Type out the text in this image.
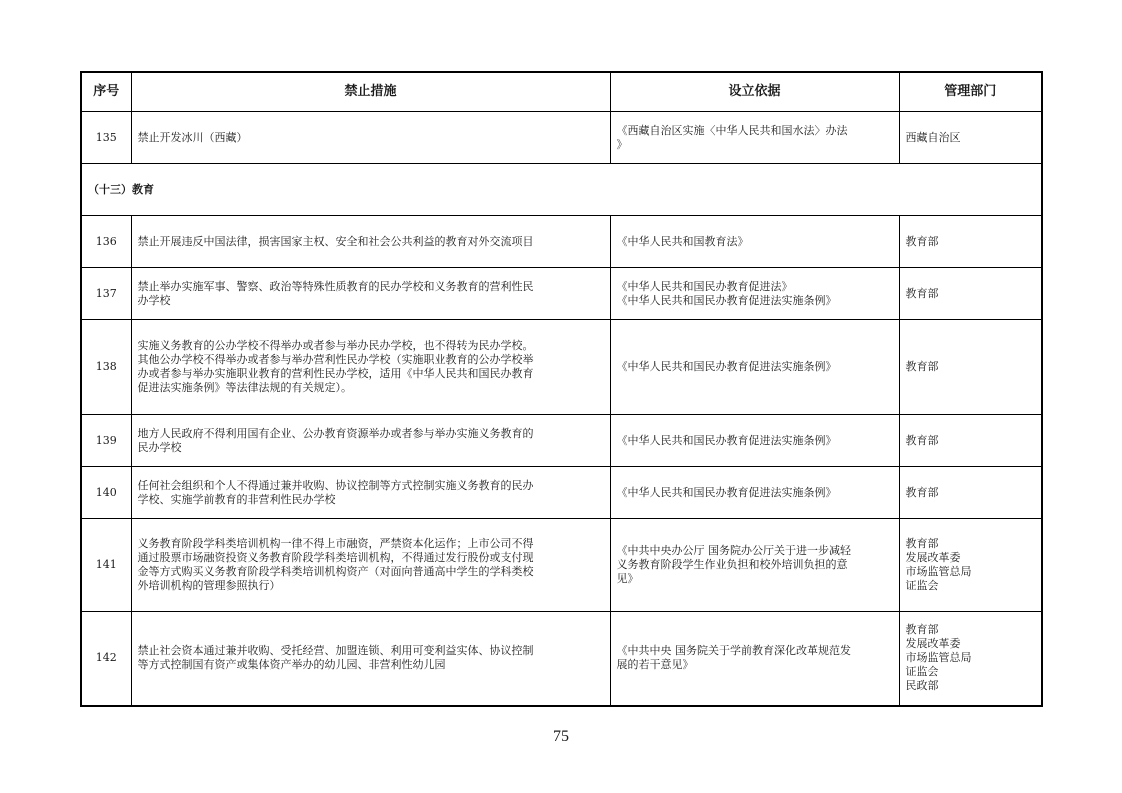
序号	禁止措施	设立依据	管理部门
135	禁止开发冰川（西藏）	《西藏自治区实施〈中华人民共和国水法〉办法
》	西藏自治区

（十三）教育			
136	禁止开展违反中国法律，损害国家主权、安全和社会公共利益的教育对外交流项目	《中华人民共和国教育法》	教育部

137	禁止举办实施军事、警察、政治等特殊性质教育的民办学校和义务教育的营利性民
办学校	《中华人民共和国民办教育促进法》
《中华人民共和国民办教育促进法实施条例》	教育部

138	实施义务教育的公办学校不得举办或者参与举办民办学校，也不得转为民办学校。
其他公办学校不得举办或者参与举办营利性民办学校（实施职业教育的公办学校举
办或者参与举办实施职业教育的营利性民办学校，适用《中华人民共和国民办教育
促进法实施条例》等法律法规的有关规定）。	《中华人民共和国民办教育促进法实施条例》	教育部

139	地方人民政府不得利用国有企业、公办教育资源举办或者参与举办实施义务教育的
民办学校	《中华人民共和国民办教育促进法实施条例》	教育部

140	任何社会组织和个人不得通过兼并收购、协议控制等方式控制实施义务教育的民办
学校、实施学前教育的非营利性民办学校	《中华人民共和国民办教育促进法实施条例》	教育部

141	义务教育阶段学科类培训机构一律不得上市融资，严禁资本化运作；上市公司不得
通过股票市场融资投资义务教育阶段学科类培训机构，不得通过发行股份或支付现
金等方式购买义务教育阶段学科类培训机构资产（对面向普通高中学生的学科类校
外培训机构的管理参照执行）	《中共中央办公厅 国务院办公厅关于进一步减轻
义务教育阶段学生作业负担和校外培训负担的意
见》	教育部
发展改革委
市场监管总局
证监会

142	禁止社会资本通过兼并收购、受托经营、加盟连锁、利用可变利益实体、协议控制
等方式控制国有资产或集体资产举办的幼儿园、非营利性幼儿园	《中共中央 国务院关于学前教育深化改革规范发
展的若干意见》	教育部
发展改革委
市场监管总局
证监会
民政部
75
